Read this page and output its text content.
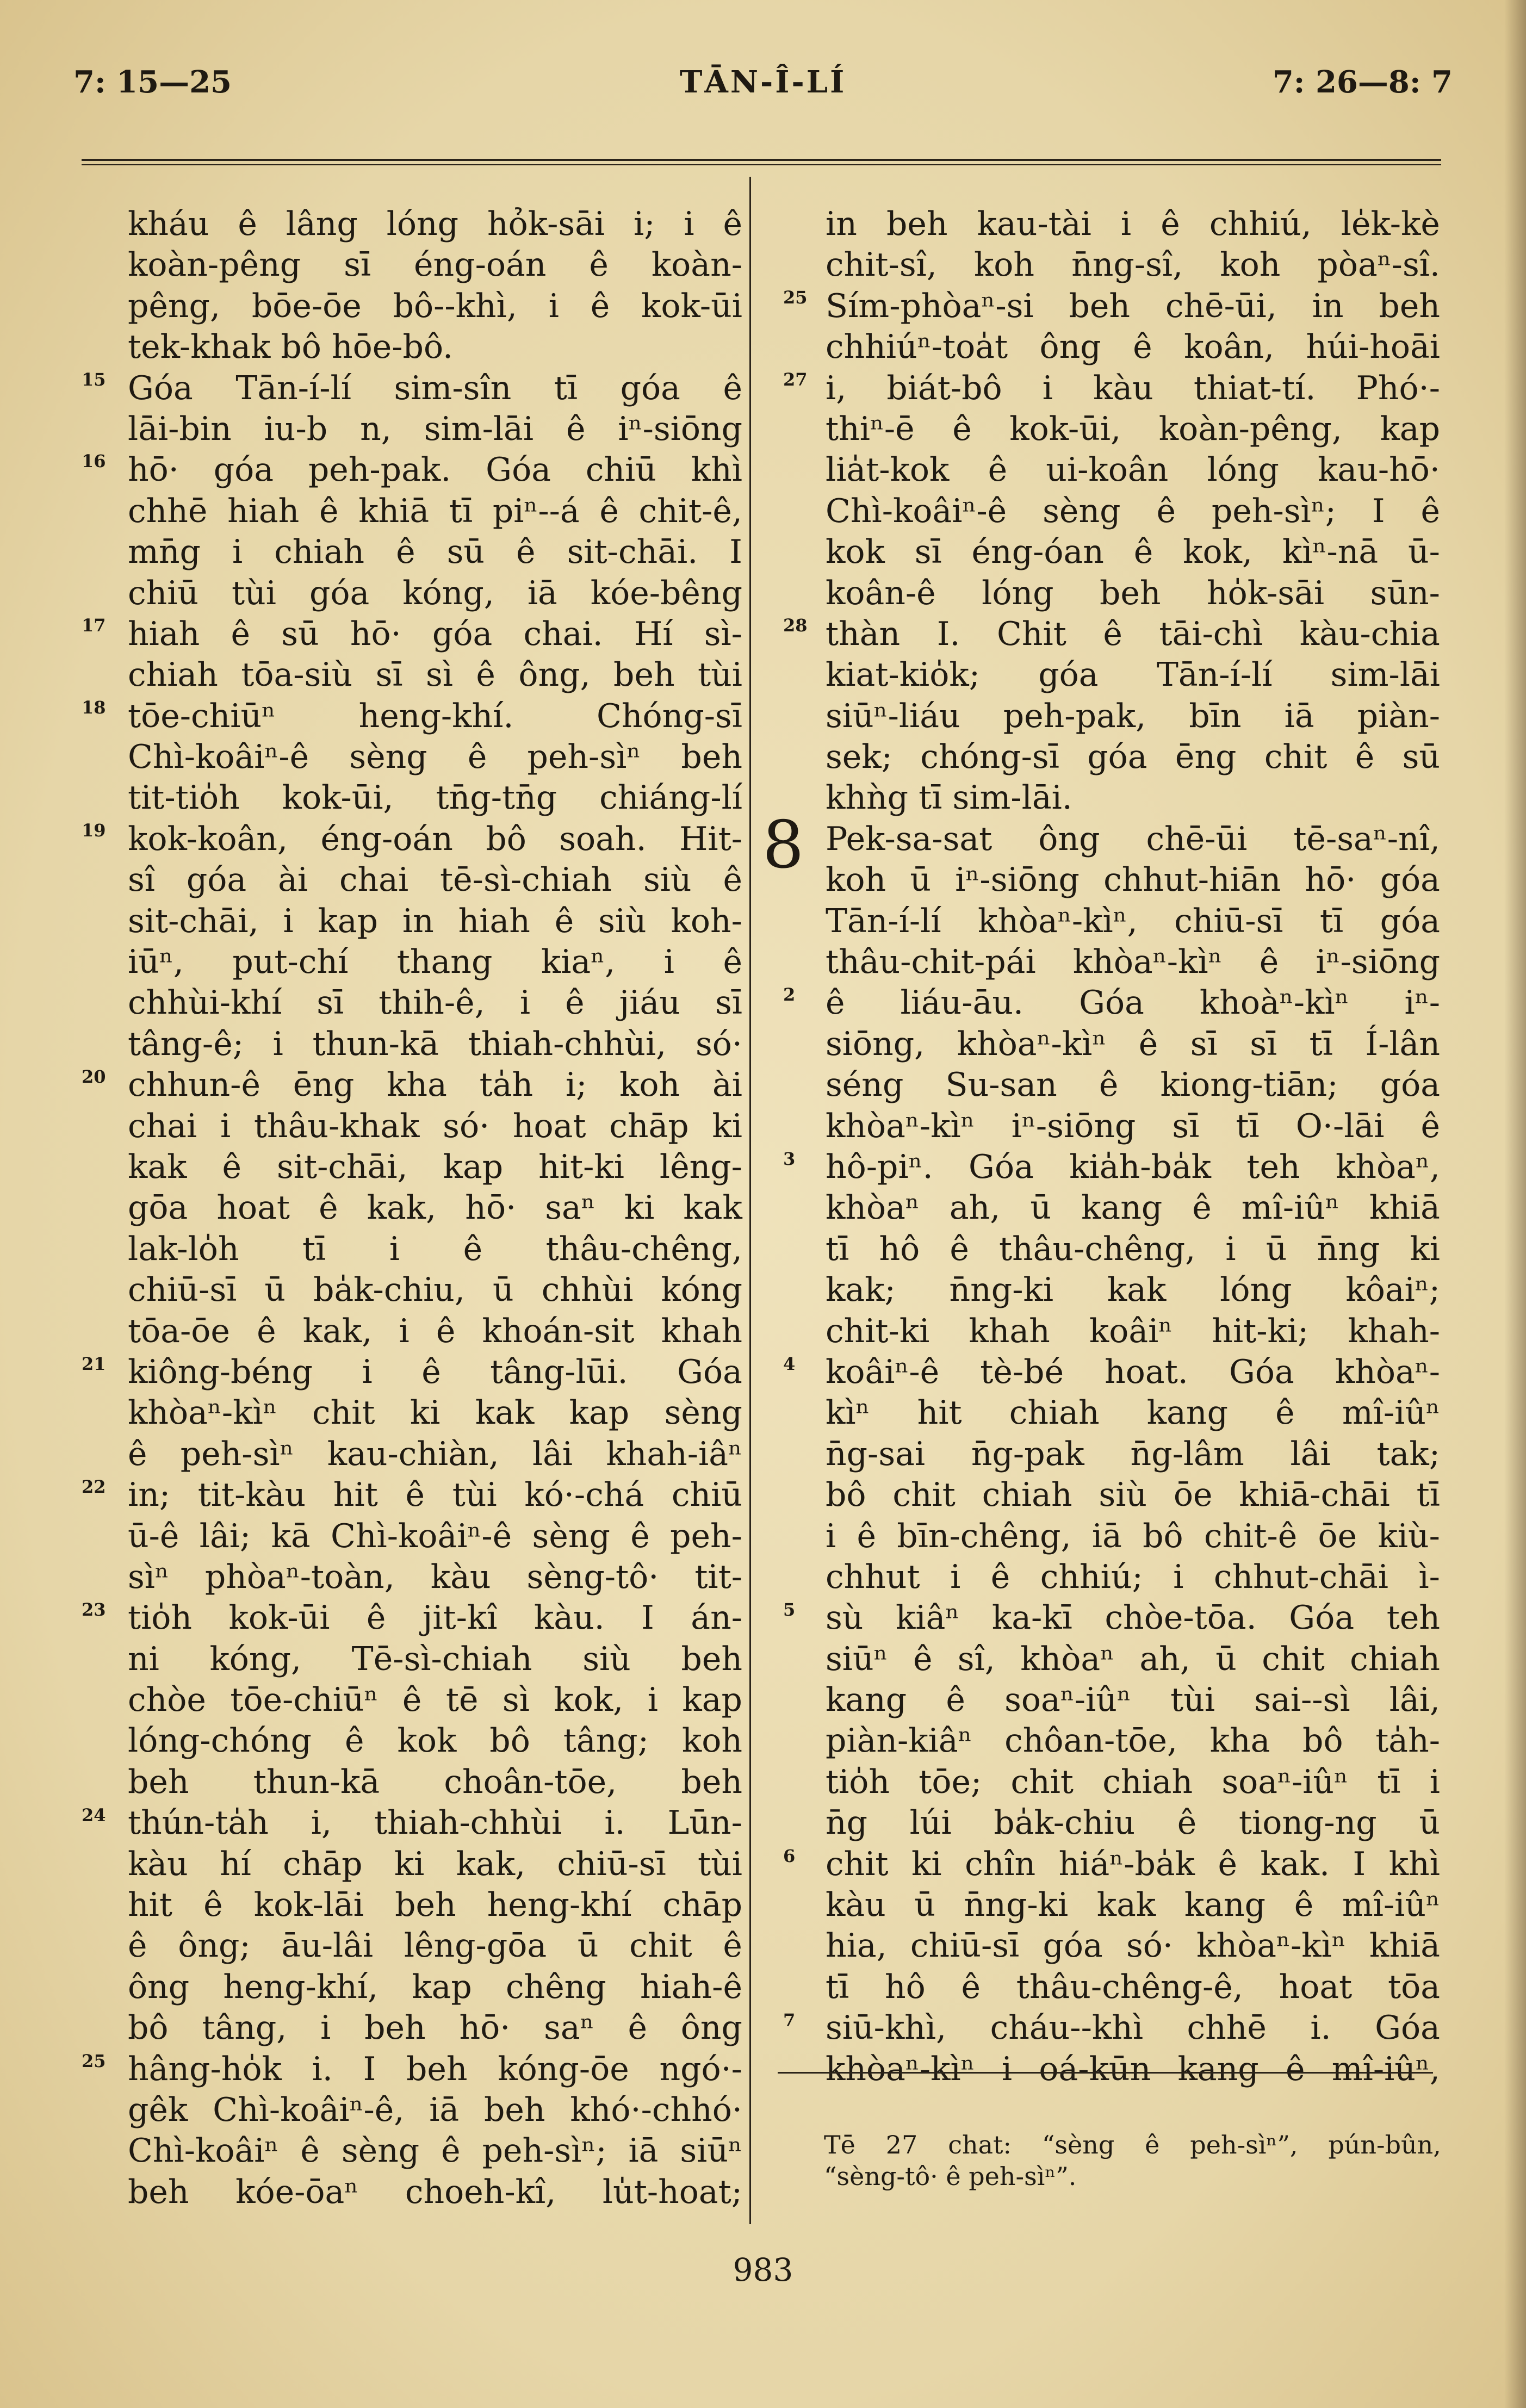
7: 15—25	TĀN-Î-LÍ	7: 26—8: 7
kháu ê lâng lóng hỏk-sāi i; i ê
koàn-pêng sī éng-oán ê koàn-
pêng, bōe-ōe bô--khì, i ê kok-ūi
tek-khak bô hōe-bô.
Góa Tān-í-lí sim-sîn tī góa ê
lāi-bin iu-b n, sim-lāi ê iⁿ-siōng
hō· góa peh-pak. Góa chiū khì
chhē hiah ê khiā tī piⁿ--á ê chit-ê,
mn̄g i chiah ê sū ê sit-chāi. I
chiū tùi góa kóng, iā kóe-bêng
hiah ê sū hō· góa chai. Hí sì-
chiah tōa-siù sī sì ê ông, beh tùi
tōe-chiūⁿ	heng-khí.	Chóng-sī
Chì-koâiⁿ-ê sèng ê peh-sìⁿ beh
tit-tio̍h kok-ūi, tn̄g-tn̄g chiáng-lí
kok-koân, éng-oán bô soah. Hit-
sî góa ài chai tē-sì-chiah siù ê
sit-chāi, i kap in hiah ê siù koh-
iūⁿ, put-chí thang kiaⁿ, i ê
chhùi-khí sī thih-ê, i ê jiáu sī
tâng-ê; i thun-kā thiah-chhùi, só·
chhun-ê ēng kha ta̍h i; koh ài
chai i thâu-khak só· hoat chāp ki
kak ê sit-chāi, kap hit-ki lêng-
gōa hoat ê kak, hō· saⁿ ki kak
lak-lo̍h tī i ê thâu-chêng,
chiū-sī ū ba̍k-chiu, ū chhùi kóng
tōa-ōe ê kak, i ê khoán-sit khah
kiông-béng i ê tâng-lūi. Góa
khòaⁿ-kìⁿ chit ki kak kap sèng
ê peh-sìⁿ kau-chiàn, lâi khah-iâⁿ
in; tit-kàu hit ê tùi kó·-chá chiū
ū-ê lâi; kā Chì-koâiⁿ-ê sèng ê peh-
sìⁿ phòaⁿ-toàn, kàu sèng-tô· tit-
tio̍h kok-ūi ê jit-kî kàu. I án-
ni kóng, Tē-sì-chiah siù beh
chòe tōe-chiūⁿ ê tē sì kok, i kap
lóng-chóng ê kok bô tâng; koh
beh thun-kā choân-tōe, beh
thún-ta̍h i, thiah-chhùi i. Lūn-
kàu hí chāp ki kak, chiū-sī tùi
hit ê kok-lāi beh heng-khí chāp
ê ông; āu-lâi lêng-gōa ū chit ê
ông heng-khí, kap chêng hiah-ê
bô tâng, i beh hō· saⁿ ê ông
hâng-ho̍k i. I beh kóng-ōe ngó·-
gêk Chì-koâiⁿ-ê, iā beh khó·-chhó·
Chì-koâiⁿ ê sèng ê peh-sìⁿ; iā siūⁿ
beh kóe-ōaⁿ choeh-kî, lu̍t-hoat;
15
16
17
18
19
20
21
22
23
24
25
in beh kau-tài i ê chhiú, le̍k-kè
chit-sî, koh n̄ng-sî, koh pòaⁿ-sî.
Sím-phòaⁿ-si beh chē-ūi, in beh
chhiúⁿ-toa̍t ông ê koân, húi-hoāi
i, biát-bô i kàu thiat-tí. Phó·-
thiⁿ-ē ê kok-ūi, koàn-pêng, kap
lia̍t-kok ê ui-koân lóng kau-hō·
Chì-koâiⁿ-ê sèng ê peh-sìⁿ; I ê
kok sī éng-óan ê kok, kìⁿ-nā ū-
koân-ê lóng beh ho̍k-sāi sūn-
thàn I. Chit ê tāi-chì kàu-chia
kiat-kio̍k; góa Tān-í-lí sim-lāi
siūⁿ-liáu peh-pak, bīn iā piàn-
sek; chóng-sī góa ēng chit ê sū
khǹg tī sim-lāi.
Pek-sa-sat ông chē-ūi tē-saⁿ-nî,
koh ū iⁿ-siōng chhut-hiān hō· góa
Tān-í-lí khòaⁿ-kìⁿ, chiū-sī tī góa
thâu-chit-pái khòaⁿ-kìⁿ ê iⁿ-siōng
ê liáu-āu. Góa khoàⁿ-kìⁿ iⁿ-
siōng, khòaⁿ-kìⁿ ê sī sī tī Í-lân
séng Su-san ê kiong-tiān; góa
khòaⁿ-kìⁿ iⁿ-siōng sī tī O·-lāi ê
hô-piⁿ. Góa kia̍h-ba̍k teh khòaⁿ,
khòaⁿ ah, ū kang ê mî-iûⁿ khiā
tī hô ê thâu-chêng, i ū n̄ng ki
kak; n̄ng-ki kak lóng kôaiⁿ;
chit-ki khah koâiⁿ hit-ki; khah-
koâiⁿ-ê tè-bé hoat. Góa khòaⁿ-
kìⁿ hit chiah kang ê mî-iûⁿ
n̄g-sai n̄g-pak n̄g-lâm lâi tak;
bô chit chiah siù ōe khiā-chāi tī
i ê bīn-chêng, iā bô chit-ê ōe kiù-
chhut i ê chhiú; i chhut-chāi ì-
sù kiâⁿ ka-kī chòe-tōa. Góa teh
siūⁿ ê sî, khòaⁿ ah, ū chit chiah
kang ê soaⁿ-iûⁿ tùi sai--sì lâi,
piàn-kiâⁿ chôan-tōe, kha bô ta̍h-
tio̍h tōe; chit chiah soaⁿ-iûⁿ tī i
n̄g lúi ba̍k-chiu ê tiong-ng ū
chit ki chîn hiáⁿ-ba̍k ê kak. I khì
kàu ū n̄ng-ki kak kang ê mî-iûⁿ
hia, chiū-sī góa só· khòaⁿ-kìⁿ khiā
tī hô ê thâu-chêng-ê, hoat tōa
siū-khì, cháu--khì chhē i. Góa
khòaⁿ-kìⁿ i oá-kūn kang ê mî-iûⁿ,
25
27
28
2
3
4
5
6
7
8
Tē 27 chat: “sèng ê peh-sìⁿ”, pún-bûn,
“sèng-tô· ê peh-sìⁿ”.
983
